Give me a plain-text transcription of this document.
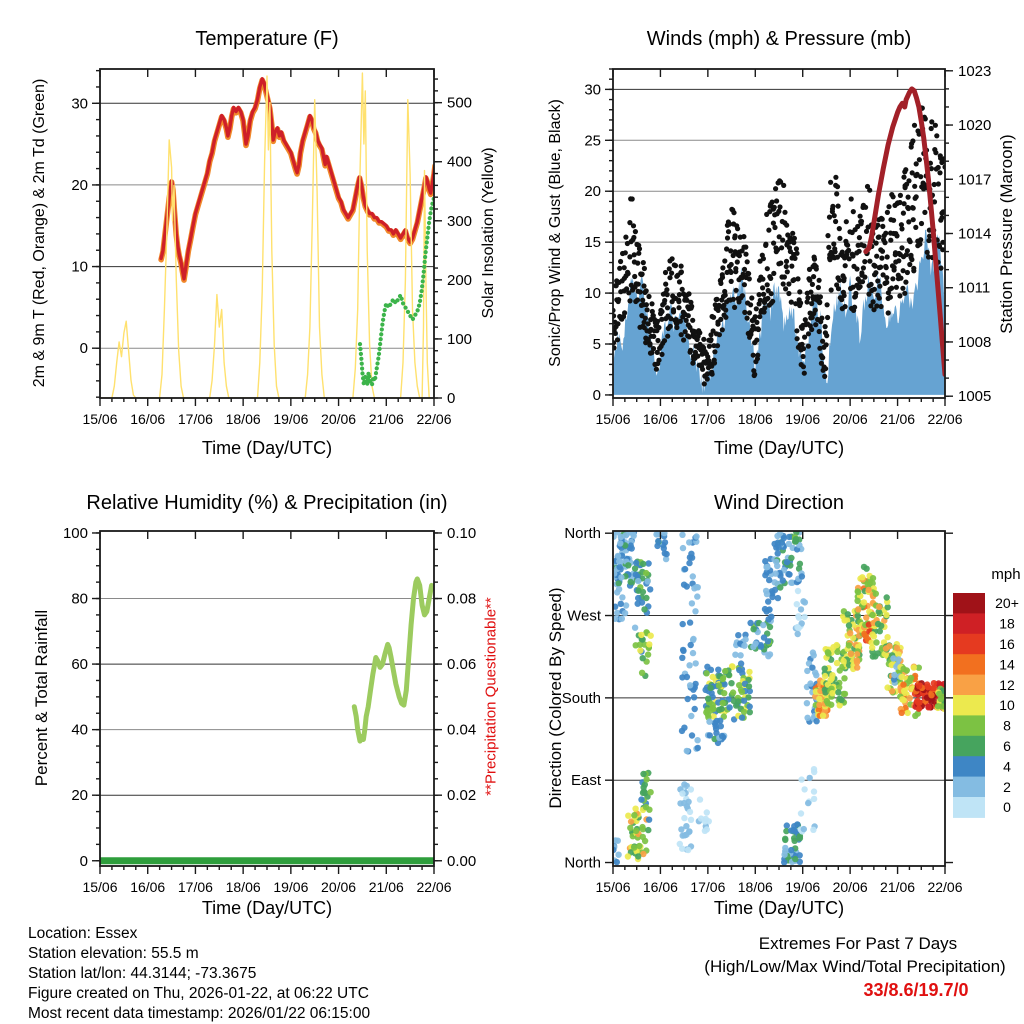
15/06 16/06 17/06 18/06 19/06 20/06 21/06 22/06
0
10
20
30
0
100
200
300
400
500
15/06 16/06 17/06 18/06 19/06 20/06 21/06 22/06
0
5
10
15
20
25
30
1005
1008
1011
1014
1017
1020
1023
15/06 16/06 17/06 18/06 19/06 20/06 21/06 22/06
0
20
40
60
80
100
0.00
0.02
0.04
0.06
0.08
0.10
15/06 16/06 17/06 18/06 19/06 20/06 21/06 22/06
North
East
South
West
North
20+
18
16
14
12
10
8
6
4
2
0
Temperature (F)	Winds (mph) & Pressure (mb)
Relative Humidity (%) & Precipitation (in)	Wind Direction
Time (Day/UTC)	Time (Day/UTC)
Time (Day/UTC)	Time (Day/UTC)
2m & 9m T (Red, Orange) & 2m Td (Green)	Solar Insolation (Yellow)	Sonic/Prop Wind & Gust (Blue, Black)	Station Pressure (Maroon)
Percent & Total Rainfall	**Precipitation Questionable**	Direction (Colored By Speed)
mph
Location: Essex
Station elevation: 55.5 m
Station lat/lon: 44.3144; -73.3675
Figure created on Thu, 2026-01-22, at 06:22 UTC
Most recent data timestamp: 2026/01/22 06:15:00
Extremes For Past 7 Days
(High/Low/Max Wind/Total Precipitation)
33/8.6/19.7/0
